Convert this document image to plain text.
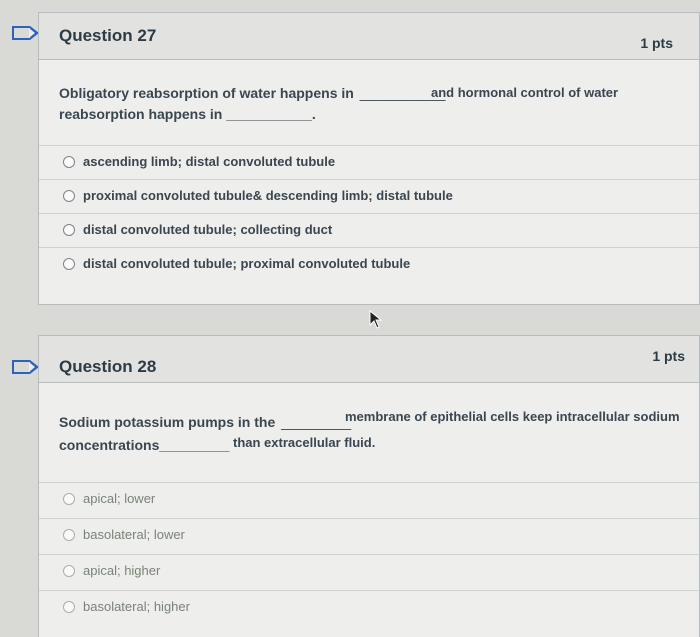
Question 27	1 pts
Obligatory reabsorption of water happens in ___________
and hormonal control of water
reabsorption happens in ___________.
ascending limb; distal convoluted tubule
proximal convoluted tubule& descending limb; distal tubule
distal convoluted tubule; collecting duct
distal convoluted tubule; proximal convoluted tubule
Question 28
1 pts
Sodium potassium pumps in the _________
membrane of epithelial cells keep intracellular sodium
concentrations_________ than extracellular fluid.
apical; lower
basolateral; lower
apical; higher
basolateral; higher
